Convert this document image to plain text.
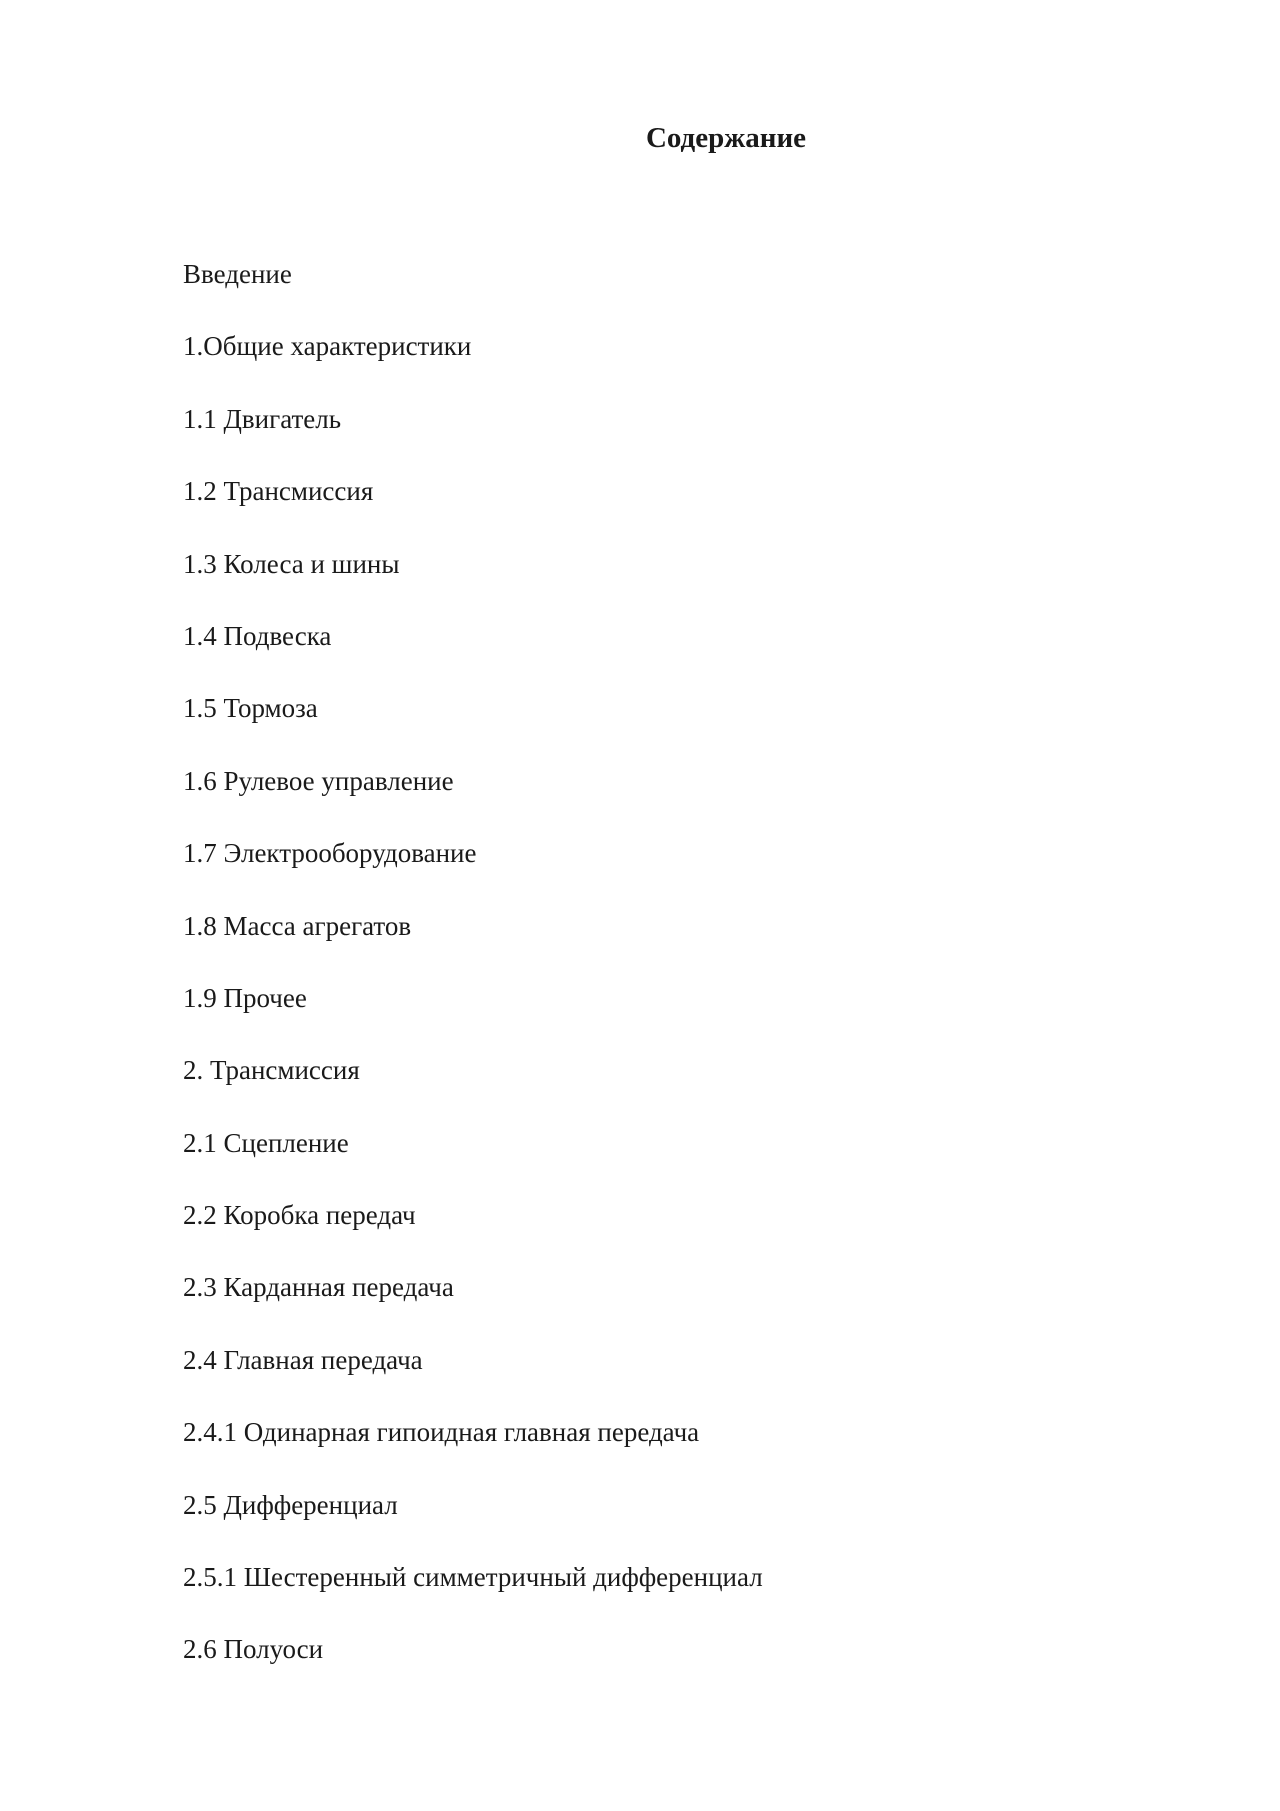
Содержание
Введение
1.Общие характеристики
1.1 Двигатель
1.2 Трансмиссия
1.3 Колеса и шины
1.4 Подвеска
1.5 Тормоза
1.6 Рулевое управление
1.7 Электрооборудование
1.8 Масса агрегатов
1.9 Прочее
2. Трансмиссия
2.1 Сцепление
2.2 Коробка передач
2.3 Карданная передача
2.4 Главная передача
2.4.1 Одинарная гипоидная главная передача
2.5 Дифференциал
2.5.1 Шестеренный симметричный дифференциал
2.6 Полуоси
